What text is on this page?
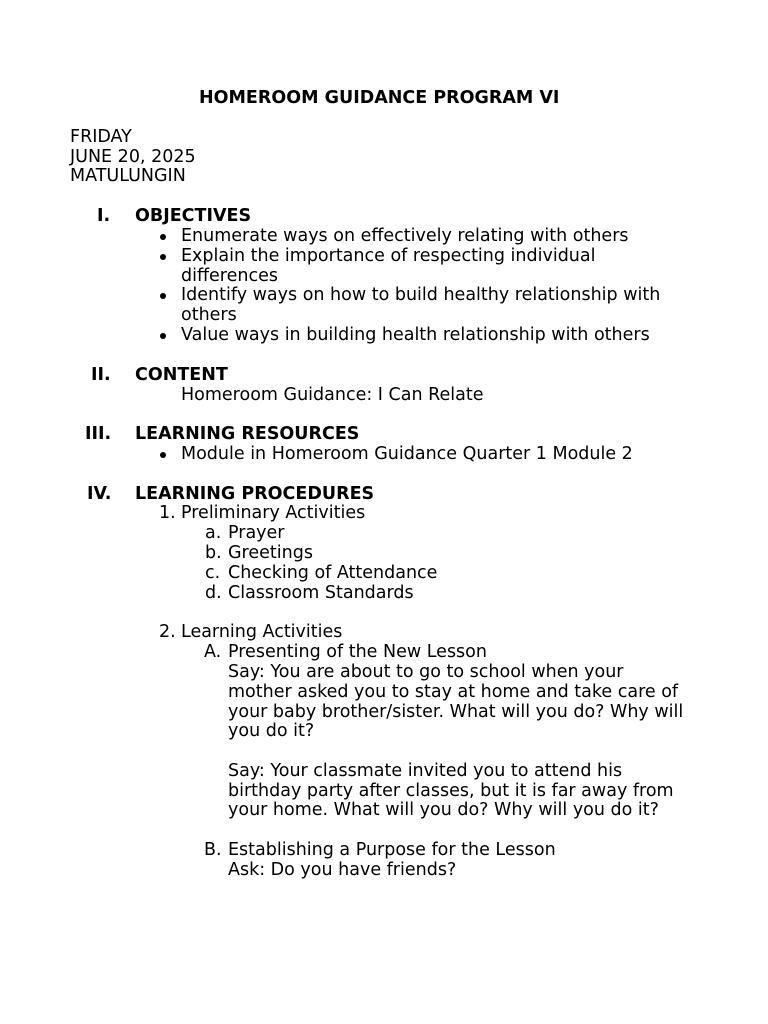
HOMEROOM GUIDANCE PROGRAM VI
FRIDAY
JUNE 20, 2025
MATULUNGIN
I. OBJECTIVES
Enumerate ways on effectively relating with others
Explain the importance of respecting individual
differences
Identify ways on how to build healthy relationship with
others
Value ways in building health relationship with others
II. CONTENT
Homeroom Guidance: I Can Relate
III. LEARNING RESOURCES
Module in Homeroom Guidance Quarter 1 Module 2
IV. LEARNING PROCEDURES
1. Preliminary Activities
a. Prayer
b. Greetings
c. Checking of Attendance
d. Classroom Standards
2. Learning Activities
A. Presenting of the New Lesson
Say: You are about to go to school when your
mother asked you to stay at home and take care of
your baby brother/sister. What will you do? Why will
you do it?
Say: Your classmate invited you to attend his
birthday party after classes, but it is far away from
your home. What will you do? Why will you do it?
B. Establishing a Purpose for the Lesson
Ask: Do you have friends?
